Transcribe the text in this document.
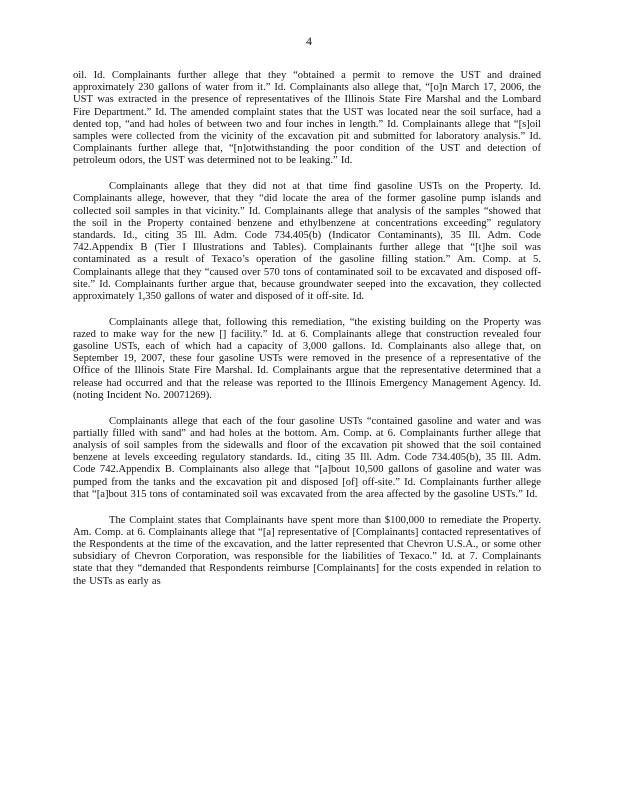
4

oil. Id. Complainants further allege that they “obtained a permit to remove the UST and drained approximately 230 gallons of water from it.” Id. Complainants also allege that, “[o]n March 17, 2006, the UST was extracted in the presence of representatives of the Illinois State Fire Marshal and the Lombard Fire Department.” Id. The amended complaint states that the UST was located near the soil surface, had a dented top, “and had holes of between two and four inches in length.” Id. Complainants allege that “[s]oil samples were collected from the vicinity of the excavation pit and submitted for laboratory analysis.” Id. Complainants further allege that, “[n]otwithstanding the poor condition of the UST and detection of petroleum odors, the UST was determined not to be leaking.” Id.

Complainants allege that they did not at that time find gasoline USTs on the Property. Id. Complainants allege, however, that they “did locate the area of the former gasoline pump islands and collected soil samples in that vicinity.” Id. Complainants allege that analysis of the samples “showed that the soil in the Property contained benzene and ethylbenzene at concentrations exceeding” regulatory standards. Id., citing 35 Ill. Adm. Code 734.405(b) (Indicator Contaminants), 35 Ill. Adm. Code 742.Appendix B (Tier I Illustrations and Tables). Complainants further allege that “[t]he soil was contaminated as a result of Texaco’s operation of the gasoline filling station.” Am. Comp. at 5. Complainants allege that they “caused over 570 tons of contaminated soil to be excavated and disposed off-site.” Id. Complainants further argue that, because groundwater seeped into the excavation, they collected approximately 1,350 gallons of water and disposed of it off-site. Id.

Complainants allege that, following this remediation, “the existing building on the Property was razed to make way for the new [] facility.” Id. at 6. Complainants allege that construction revealed four gasoline USTs, each of which had a capacity of 3,000 gallons. Id. Complainants also allege that, on September 19, 2007, these four gasoline USTs were removed in the presence of a representative of the Office of the Illinois State Fire Marshal. Id. Complainants argue that the representative determined that a release had occurred and that the release was reported to the Illinois Emergency Management Agency. Id. (noting Incident No. 20071269).

Complainants allege that each of the four gasoline USTs “contained gasoline and water and was partially filled with sand” and had holes at the bottom. Am. Comp. at 6. Complainants further allege that analysis of soil samples from the sidewalls and floor of the excavation pit showed that the soil contained benzene at levels exceeding regulatory standards. Id., citing 35 Ill. Adm. Code 734.405(b), 35 Ill. Adm. Code 742.Appendix B. Complainants also allege that “[a]bout 10,500 gallons of gasoline and water was pumped from the tanks and the excavation pit and disposed [of] off-site.” Id. Complainants further allege that “[a]bout 315 tons of contaminated soil was excavated from the area affected by the gasoline USTs.” Id.

The Complaint states that Complainants have spent more than $100,000 to remediate the Property. Am. Comp. at 6. Complainants allege that “[a] representative of [Complainants] contacted representatives of the Respondents at the time of the excavation, and the latter represented that Chevron U.S.A., or some other subsidiary of Chevron Corporation, was responsible for the liabilities of Texaco.” Id. at 7. Complainants state that they “demanded that Respondents reimburse [Complainants] for the costs expended in relation to the USTs as early as
